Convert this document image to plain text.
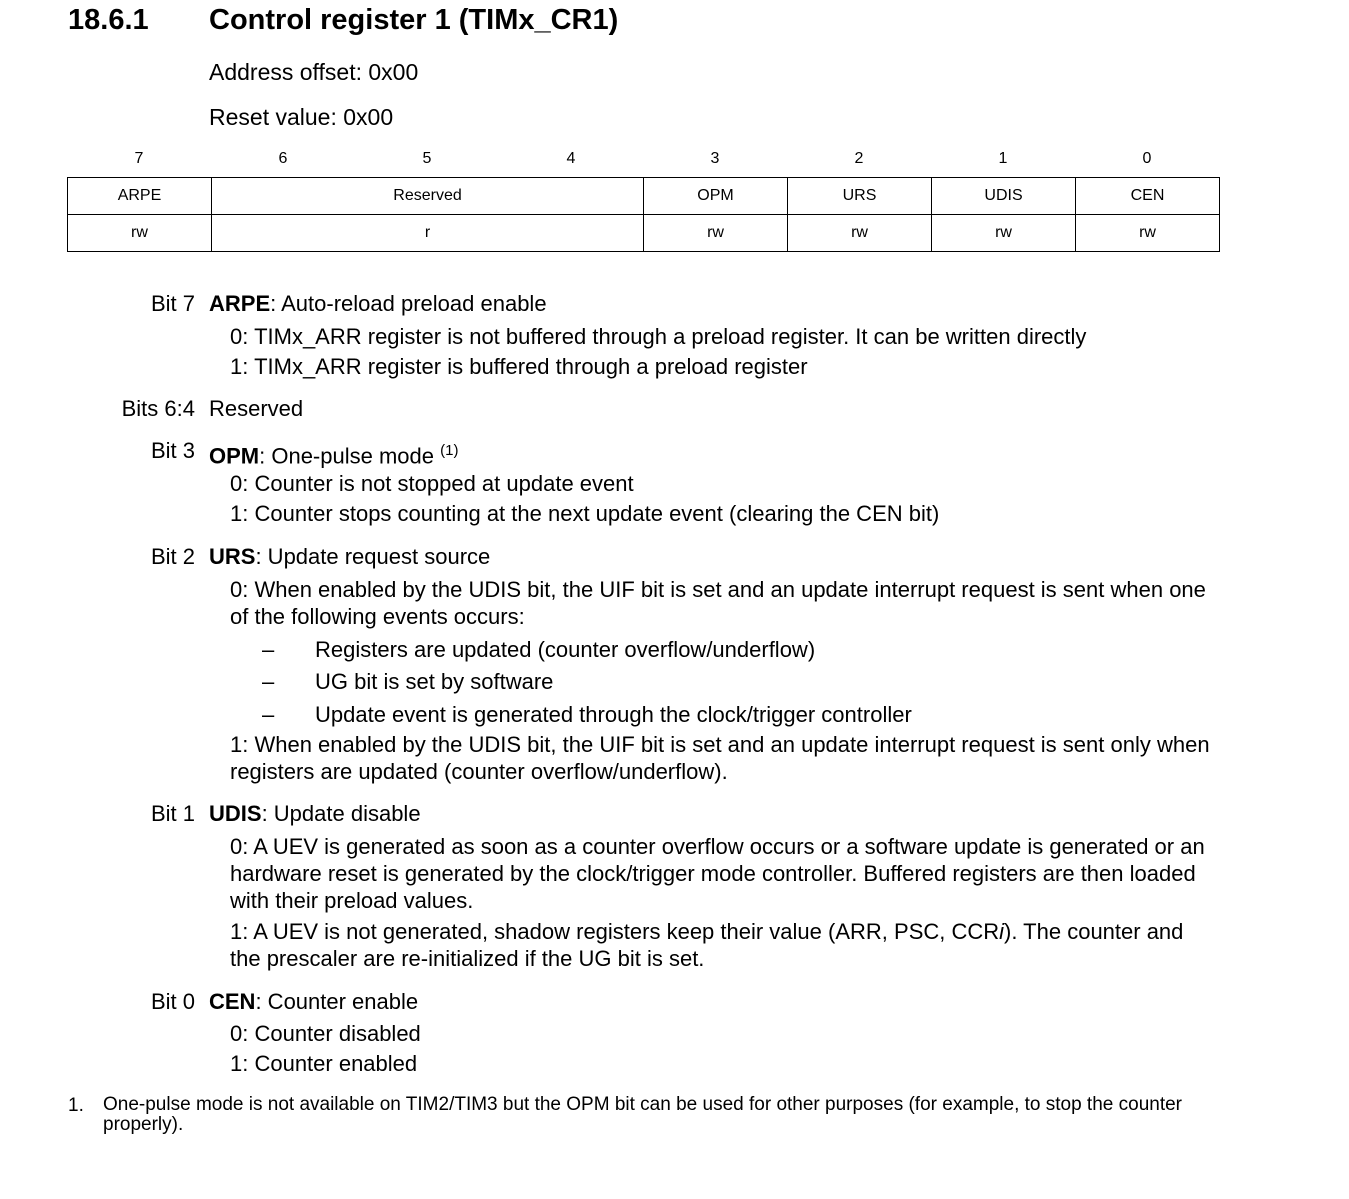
18.6.1 Control register 1 (TIMx_CR1)
Address offset: 0x00
Reset value: 0x00
7	6	5	4	3	2	1	0
ARPE	Reserved	OPM	URS	UDIS	CEN
rw	r	rw	rw	rw	rw
Bit 7 ARPE: Auto-reload preload enable
0: TIMx_ARR register is not buffered through a preload register. It can be written directly
1: TIMx_ARR register is buffered through a preload register
Bits 6:4 Reserved
Bit 3 OPM: One-pulse mode $^{(1)}$
0: Counter is not stopped at update event
1: Counter stops counting at the next update event (clearing the CEN bit)
Bit 2 URS: Update request source
0: When enabled by the UDIS bit, the UIF bit is set and an update interrupt request is sent when one
of the following events occurs:
– Registers are updated (counter overflow/underflow)
– UG bit is set by software
– Update event is generated through the clock/trigger controller
1: When enabled by the UDIS bit, the UIF bit is set and an update interrupt request is sent only when
registers are updated (counter overflow/underflow).
Bit 1 UDIS: Update disable
0: A UEV is generated as soon as a counter overflow occurs or a software update is generated or an
hardware reset is generated by the clock/trigger mode controller. Buffered registers are then loaded
with their preload values.
1: A UEV is not generated, shadow registers keep their value (ARR, PSC, CCRi). The counter and
the prescaler are re-initialized if the UG bit is set.
Bit 0 CEN: Counter enable
0: Counter disabled
1: Counter enabled
1. One-pulse mode is not available on TIM2/TIM3 but the OPM bit can be used for other purposes (for example, to stop the counter properly).
